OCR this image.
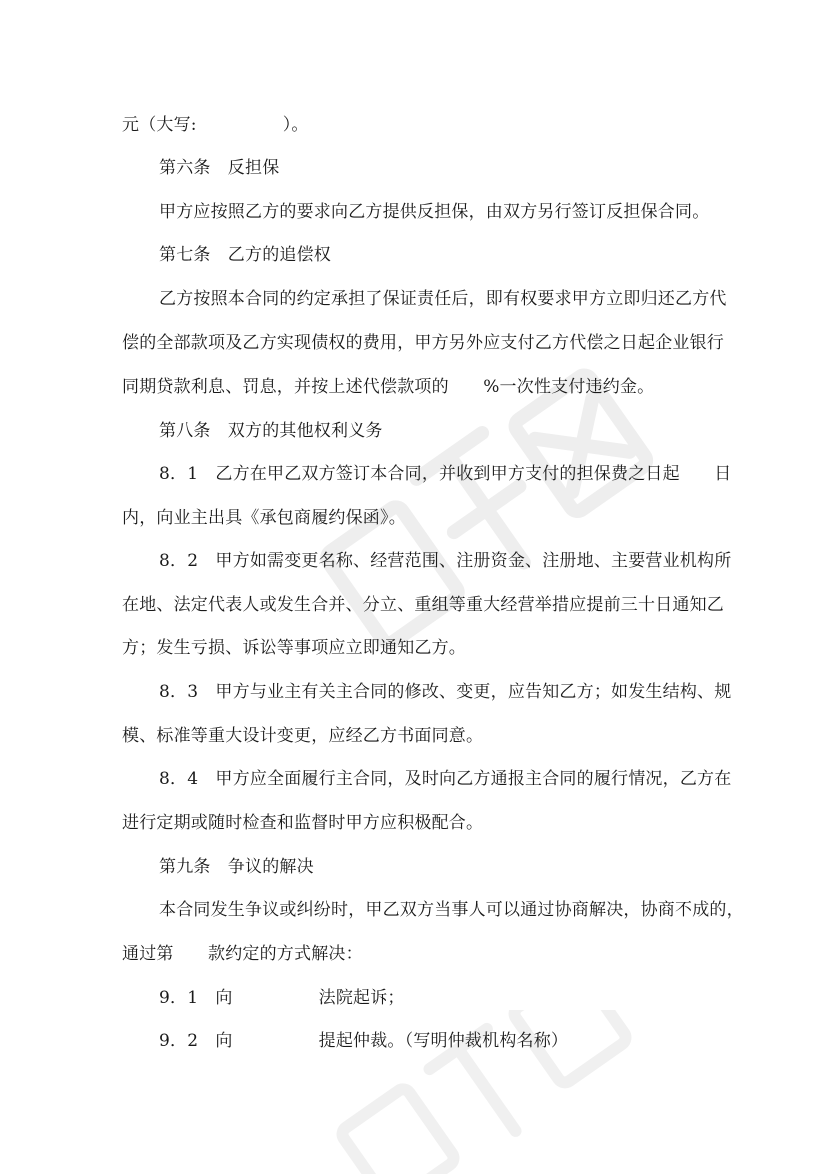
元（大写:　　　　　）。
第六条　反担保
甲方应按照乙方的要求向乙方提供反担保，由双方另行签订反担保合同。
第七条　乙方的追偿权
乙方按照本合同的约定承担了保证责任后，即有权要求甲方立即归还乙方代
偿的全部款项及乙方实现债权的费用，甲方另外应支付乙方代偿之日起企业银行
同期贷款利息、罚息，并按上述代偿款项的　　%一次性支付违约金。
第八条　双方的其他权利义务
8．1　乙方在甲乙双方签订本合同，并收到甲方支付的担保费之日起　　日
内，向业主出具《承包商履约保函》。
8．2　甲方如需变更名称、经营范围、注册资金、注册地、主要营业机构所
在地、法定代表人或发生合并、分立、重组等重大经营举措应提前三十日通知乙
方；发生亏损、诉讼等事项应立即通知乙方。
8．3　甲方与业主有关主合同的修改、变更，应告知乙方；如发生结构、规
模、标准等重大设计变更，应经乙方书面同意。
8．4　甲方应全面履行主合同，及时向乙方通报主合同的履行情况，乙方在
进行定期或随时检查和监督时甲方应积极配合。
第九条　争议的解决
本合同发生争议或纠纷时，甲乙双方当事人可以通过协商解决，协商不成的，
通过第　　款约定的方式解决：
9．1　向　　　　　法院起诉；
9．2　向　　　　　提起仲裁。（写明仲裁机构名称）
